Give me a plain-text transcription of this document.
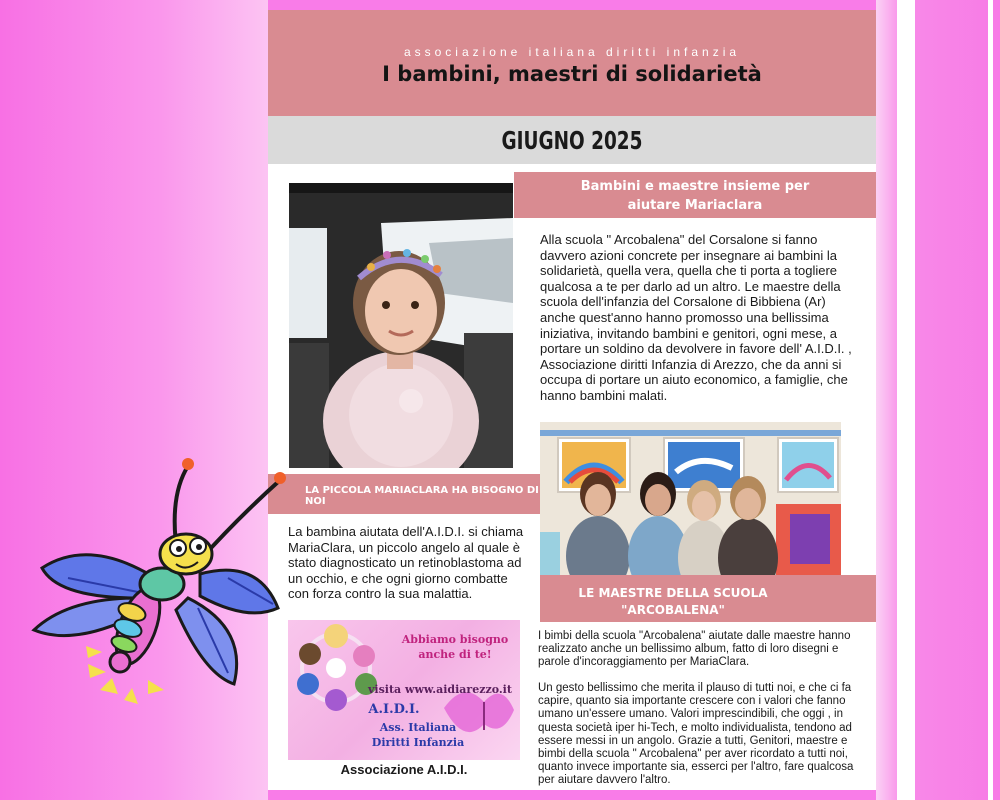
associazione italiana diritti infanzia
I bambini, maestri di solidarietà
GIUGNO 2025
Bambini e maestre insieme per
aiutare Mariaclara
Alla scuola " Arcobalena" del Corsalone si fanno davvero azioni concrete per insegnare ai bambini la solidarietà, quella vera, quella che ti porta a togliere qualcosa a te per darlo ad un altro. Le maestre della scuola dell'infanzia del Corsalone di Bibbiena (Ar) anche quest'anno hanno promosso una bellissima iniziativa, invitando bambini e genitori, ogni mese, a portare un soldino da devolvere in favore dell' A.I.D.I. , Associazione diritti Infanzia di Arezzo, che da anni si occupa di portare un aiuto economico, a famiglie, che hanno bambini malati.
LA PICCOLA MARIACLARA HA BISOGNO DI NOI
La bambina aiutata dell'A.I.D.I. si chiama MariaClara, un piccolo angelo al quale è stato diagnosticato un retinoblastoma ad un occhio, e che ogni giorno combatte con forza contro la sua malattia.	LE MAESTRE DELLA SCUOLA
"ARCOBALENA"

I bimbi della scuola "Arcobalena" aiutate dalle maestre hanno realizzato anche un bellissimo album, fatto di loro disegni e parole d'incoraggiamento per MariaClara.

Un gesto bellissimo che merita il plauso di tutti noi, e che ci fa capire, quanto sia importante crescere con i valori che fanno umano un'essere umano. Valori imprescindibili, che oggi , in questa società iper hi-Tech, e molto individualista, tendono ad essere messi in un angolo. Grazie a tutti, Genitori, maestre e bimbi della scuola " Arcobalena" per aver ricordato a tutti noi, quanto invece importante sia, esserci per l'altro, fare qualcosa per aiutare davvero l'altro.

Abbiamo bisogno
anche di te!
visita www.aidiarezzo.it
A.I.D.I.
Ass. Italiana
Diritti Infanzia
Associazione A.I.D.I.
